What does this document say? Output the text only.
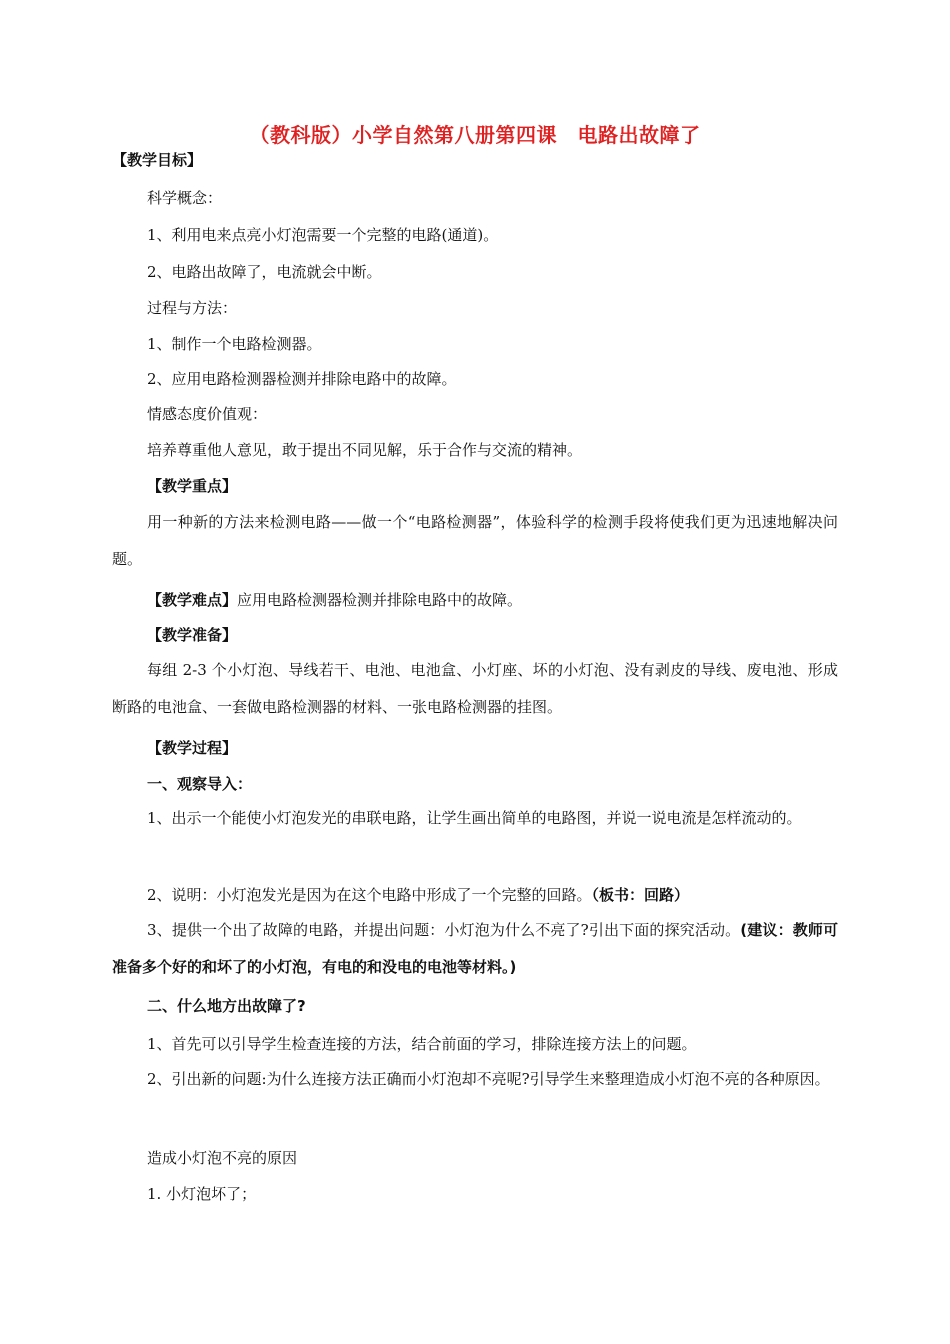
（教科版）小学自然第八册第四课　电路出故障了
【教学目标】
科学概念：
1、利用电来点亮小灯泡需要一个完整的电路(通道)。
2、电路出故障了，电流就会中断。
过程与方法：
1、制作一个电路检测器。
2、应用电路检测器检测并排除电路中的故障。
情感态度价值观：
培养尊重他人意见，敢于提出不同见解，乐于合作与交流的精神。
【教学重点】
用一种新的方法来检测电路——做一个“电路检测器”，体验科学的检测手段将使我们更为迅速地解决问题。
【教学难点】应用电路检测器检测并排除电路中的故障。
【教学准备】
每组 2-3 个小灯泡、导线若干、电池、电池盒、小灯座、坏的小灯泡、没有剥皮的导线、废电池、形成断路的电池盒、一套做电路检测器的材料、一张电路检测器的挂图。
【教学过程】
一、观察导入：
1、出示一个能使小灯泡发光的串联电路，让学生画出简单的电路图，并说一说电流是怎样流动的。
2、说明：小灯泡发光是因为在这个电路中形成了一个完整的回路。（板书：回路）
3、提供一个出了故障的电路，并提出问题：小灯泡为什么不亮了?引出下面的探究活动。(建议：教师可准备多个好的和坏了的小灯泡，有电的和没电的电池等材料。)
二、什么地方出故障了?
1、首先可以引导学生检查连接的方法，结合前面的学习，排除连接方法上的问题。
2、引出新的问题:为什么连接方法正确而小灯泡却不亮呢?引导学生来整理造成小灯泡不亮的各种原因。
造成小灯泡不亮的原因
1. 小灯泡坏了；
